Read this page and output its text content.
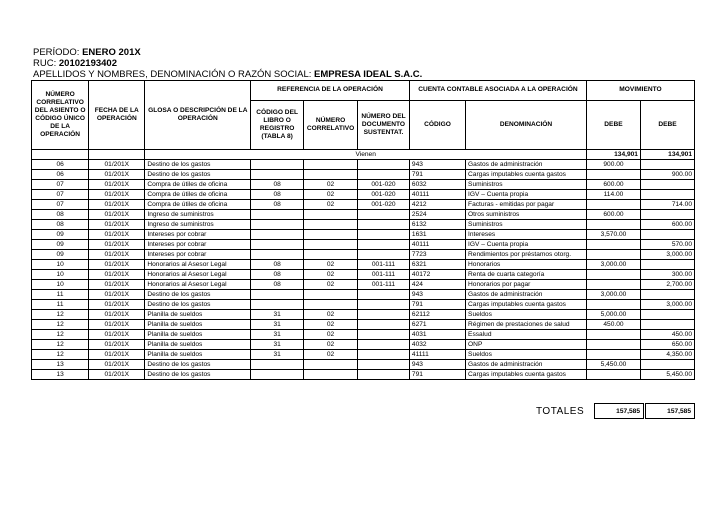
PERÍODO: ENERO 201X
RUC: 20102193402
APELLIDOS Y NOMBRES, DENOMINACIÓN O RAZÓN SOCIAL: EMPRESA IDEAL S.A.C.
NÚMERO CORRELATIVO DEL ASIENTO O CÓDIGO ÚNICO DE LA OPERACIÓN	FECHA DE LA OPERACIÓN	GLOSA O DESCRIPCIÓN DE LA OPERACIÓN	REFERENCIA DE LA OPERACIÓN			CUENTA CONTABLE ASOCIADA A LA OPERACIÓN		MOVIMIENTO	
			CÓDIGO DEL LIBRO O REGISTRO (TABLA 8)	NÚMERO CORRELATIVO	NÚMERO DEL DOCUMENTO SUSTENTAT.	CÓDIGO	DENOMINACIÓN	DEBE	DEBE
		Vienen						134,901	134,901
06	01/201X	Destino de los gastos				943	Gastos de administración	900.00	
06	01/201X	Destino de los gastos				791	Cargas imputables cuenta gastos		900.00
07	01/201X	Compra de útiles de oficina	08	02	001-020	6032	Suministros	600.00	
07	01/201X	Compra de útiles de oficina	08	02	001-020	40111	IGV – Cuenta propia	114.00	
07	01/201X	Compra de útiles de oficina	08	02	001-020	4212	Facturas - emitidas por pagar		714.00
08	01/201X	Ingreso de suministros				2524	Otros suministros	600.00	
08	01/201X	Ingreso de suministros				6132	Suministros		600.00
09	01/201X	Intereses por cobrar				1631	Intereses	3,570.00	
09	01/201X	Intereses por cobrar				40111	IGV – Cuenta propia		570.00
09	01/201X	Intereses por cobrar				7723	Rendimientos por préstamos otorg.		3,000.00
10	01/201X	Honorarios al Asesor Legal	08	02	001-111	6321	Honorarios	3,000.00	
10	01/201X	Honorarios al Asesor Legal	08	02	001-111	40172	Renta de cuarta categoría		300.00
10	01/201X	Honorarios al Asesor Legal	08	02	001-111	424	Honorarios por pagar		2,700.00
11	01/201X	Destino de los gastos				943	Gastos de administración	3,000.00	
11	01/201X	Destino de los gastos				791	Cargas imputables cuenta gastos		3,000.00
12	01/201X	Planilla de sueldos	31	02		62112	Sueldos	5,000.00	
12	01/201X	Planilla de sueldos	31	02		6271	Régimen de prestaciones de salud	450.00	
12	01/201X	Planilla de sueldos	31	02		4031	Essalud		450.00
12	01/201X	Planilla de sueldos	31	02		4032	ONP		650.00
12	01/201X	Planilla de sueldos	31	02		41111	Sueldos		4,350.00
13	01/201X	Destino de los gastos				943	Gastos de administración	5,450.00	
13	01/201X	Destino de los gastos				791	Cargas imputables cuenta gastos		5,450.00
TOTALES	157,585	157,585
